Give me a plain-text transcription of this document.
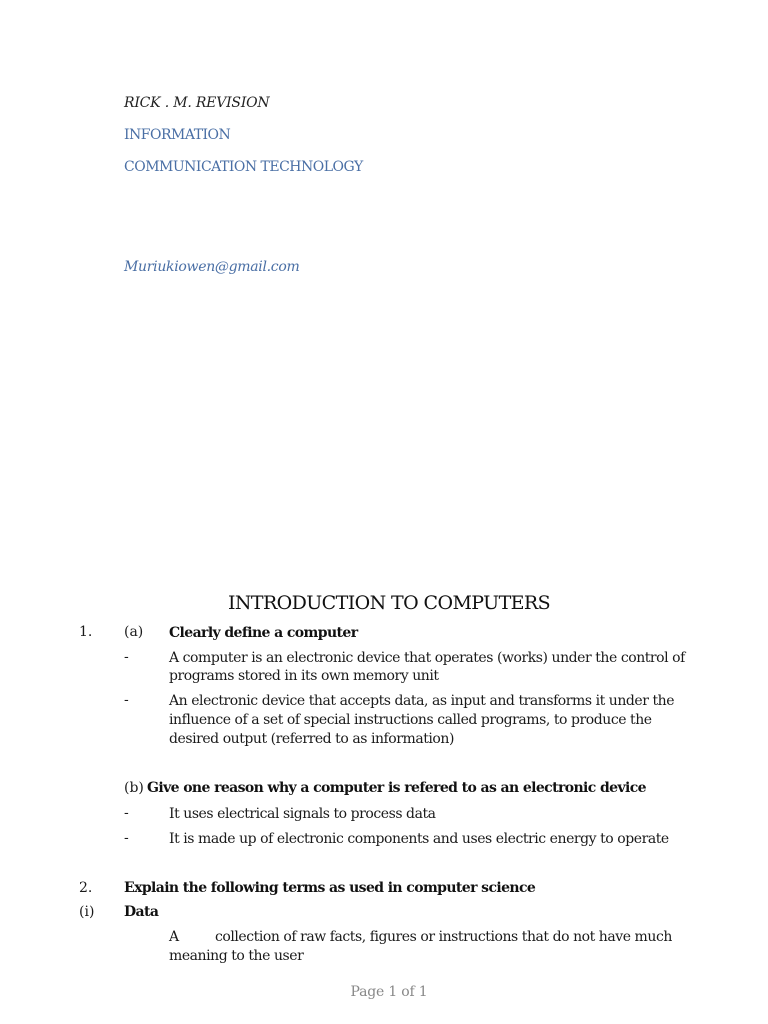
RICK . M. REVISION
INFORMATION
COMMUNICATION TECHNOLOGY
Muriukiowen@gmail.com
INTRODUCTION TO COMPUTERS
1. (a) Clearly define a computer
-	A computer is an electronic device that operates (works) under the control of
programs stored in its own memory unit
-	An electronic device that accepts data, as input and transforms it under the
influence of a set of special instructions called programs, to produce the
desired output (referred to as information)
(b) Give one reason why a computer is refered to as an electronic device
-	It uses electrical signals to process data
-	It is made up of electronic components and uses electric energy to operate
2. Explain the following terms as used in computer science
(i) Data
A	collection of raw facts, figures or instructions that do not have much
meaning to the user
Page 1 of 1
